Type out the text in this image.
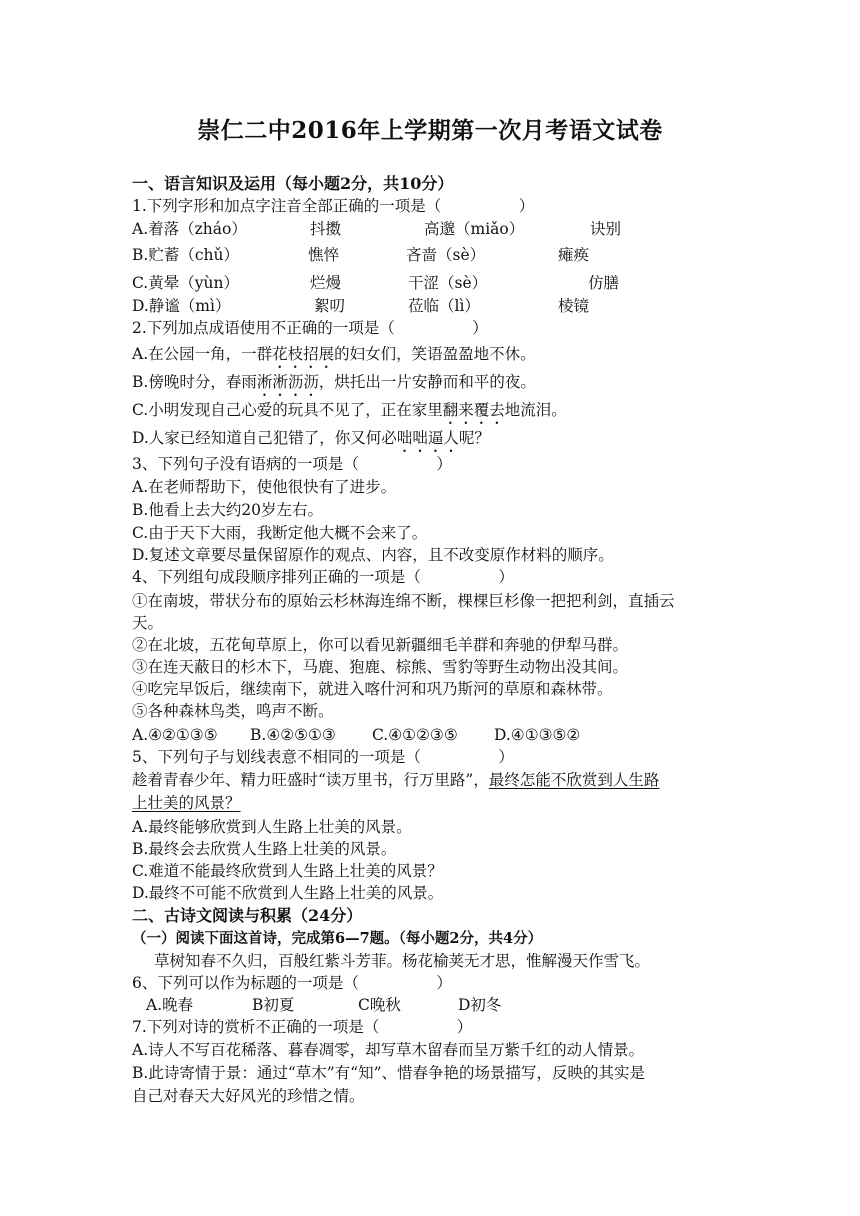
崇仁二中2016年上学期第一次月考语文试卷
一、语言知识及运用（每小题2分，共10分）
1.下列字形和加点字注音全部正确的一项是（　　　　　）
A.着落（zháo）	抖擞	高邈（miǎo）	诀别
B.贮蓄（chǔ）	憔悴	吝啬（sè）	瘫痪
C.黄晕（yùn）	烂熳	干涩（sè）	仿膳
D.静谧（mì）	絮叨	莅临（lì）	棱镜
2.下列加点成语使用不正确的一项是（　　　　　）
A.在公园一角，一群花枝招展的妇女们，笑语盈盈地不休。
B.傍晚时分，春雨淅淅沥沥，烘托出一片安静而和平的夜。
C.小明发现自己心爱的玩具不见了，正在家里翻来覆去地流泪。
D.人家已经知道自己犯错了，你又何必咄咄逼人呢？
3、下列句子没有语病的一项是（　　　　　）
A.在老师帮助下，使他很快有了进步。
B.他看上去大约20岁左右。
C.由于天下大雨，我断定他大概不会来了。
D.复述文章要尽量保留原作的观点、内容，且不改变原作材料的顺序。
4、下列组句成段顺序排列正确的一项是（　　　　　）
①在南坡，带状分布的原始云杉林海连绵不断，棵棵巨杉像一把把利剑，直插云
天。
②在北坡，五花甸草原上，你可以看见新疆细毛羊群和奔驰的伊犁马群。
③在连天蔽日的杉木下，马鹿、狍鹿、棕熊、雪豹等野生动物出没其间。
④吃完早饭后，继续南下，就进入喀什河和巩乃斯河的草原和森林带。
⑤各种森林鸟类，鸣声不断。
A.④②①③⑤ B.④②⑤①③ C.④①②③⑤ D.④①③⑤②
5、下列句子与划线表意不相同的一项是（　　　　　）
趁着青春少年、精力旺盛时“读万里书，行万里路”，最终怎能不欣赏到人生路
上壮美的风景？
A.最终能够欣赏到人生路上壮美的风景。
B.最终会去欣赏人生路上壮美的风景。
C.难道不能最终欣赏到人生路上壮美的风景？
D.最终不可能不欣赏到人生路上壮美的风景。
二、古诗文阅读与积累（24分）
（一）阅读下面这首诗，完成第6—7题。（每小题2分，共4分）
草树知春不久归，百般红紫斗芳菲。杨花榆荚无才思，惟解漫天作雪飞。
6、下列可以作为标题的一项是（　　　　　）
A.晚春	B初夏	C晚秋	D初冬
7.下列对诗的赏析不正确的一项是（　　　　　）
A.诗人不写百花稀落、暮春凋零，却写草木留春而呈万紫千红的动人情景。
B.此诗寄情于景：通过“草木”有“知”、惜春争艳的场景描写，反映的其实是
自己对春天大好风光的珍惜之情。
